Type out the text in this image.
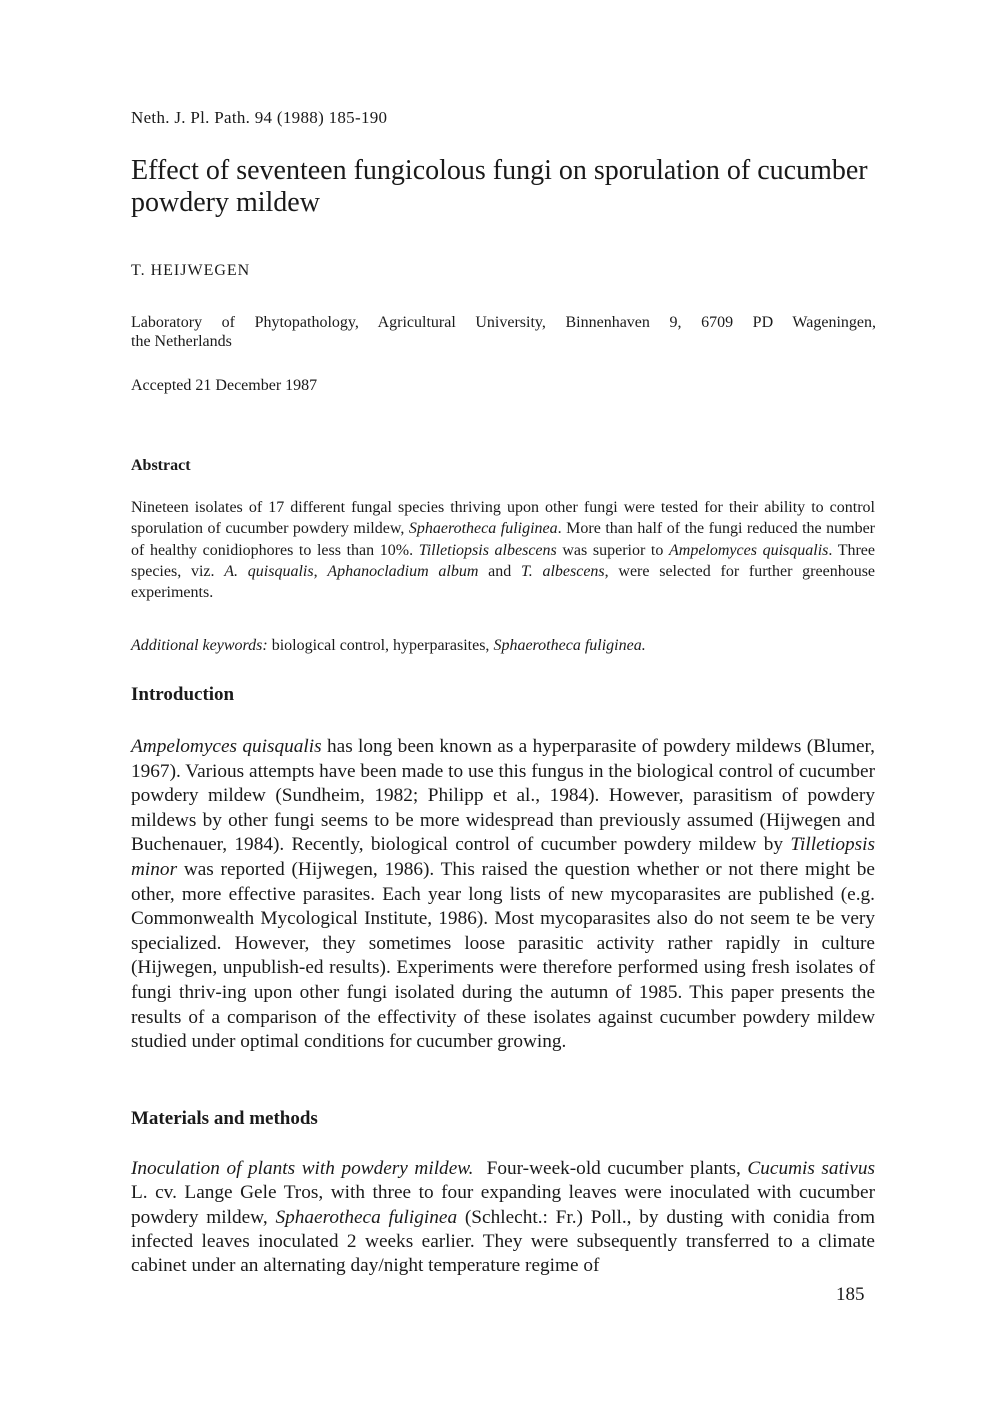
Neth. J. Pl. Path. 94 (1988) 185-190
Effect of seventeen fungicolous fungi on sporulation of cucumber powdery mildew
T. HEIJWEGEN
Laboratory of Phytopathology, Agricultural University, Binnenhaven 9, 6709 PD Wageningen,
the Netherlands
Accepted 21 December 1987
Abstract

Nineteen isolates of 17 different fungal species thriving upon other fungi were tested for their ability to control sporulation of cucumber powdery mildew, Sphaerotheca fuliginea. More than half of the fungi reduced the number of healthy conidiophores to less than 10%. Tilletiopsis albescens was superior to Ampelomyces quisqualis. Three species, viz. A. quisqualis, Aphanocladium album and T. albescens, were selected for further greenhouse experiments.

Additional keywords: biological control, hyperparasites, Sphaerotheca fuliginea.

Introduction

Ampelomyces quisqualis has long been known as a hyperparasite of powdery mildews (Blumer, 1967). Various attempts have been made to use this fungus in the biological control of cucumber powdery mildew (Sundheim, 1982; Philipp et al., 1984). However, parasitism of powdery mildews by other fungi seems to be more widespread than previously assumed (Hijwegen and Buchenauer, 1984). Recently, biological control of cucumber powdery mildew by Tilletiopsis minor was reported (Hijwegen, 1986). This raised the question whether or not there might be other, more effective parasites. Each year long lists of new mycoparasites are published (e.g. Commonwealth Mycological Institute, 1986). Most mycoparasites also do not seem te be very specialized. However, they sometimes loose parasitic activity rather rapidly in culture (Hijwegen, unpublish-ed results). Experiments were therefore performed using fresh isolates of fungi thriv-ing upon other fungi isolated during the autumn of 1985. This paper presents the results of a comparison of the effectivity of these isolates against cucumber powdery mildew studied under optimal conditions for cucumber growing.

Materials and methods

Inoculation of plants with powdery mildew.  Four-week-old cucumber plants, Cucumis sativus L. cv. Lange Gele Tros, with three to four expanding leaves were inoculated with cucumber powdery mildew, Sphaerotheca fuliginea (Schlecht.: Fr.) Poll., by dusting with conidia from infected leaves inoculated 2 weeks earlier. They were subsequently transferred to a climate cabinet under an alternating day/night temperature regime of

185
